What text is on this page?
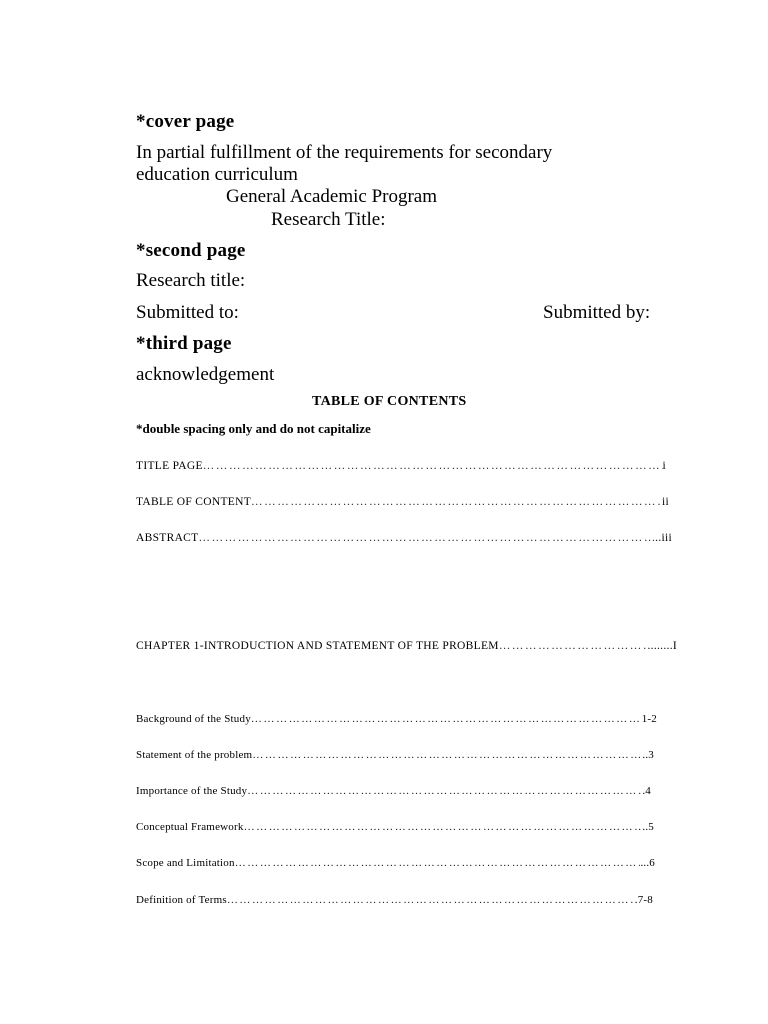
*cover page
In partial fulfillment of the requirements for secondary
education curriculum
General Academic Program
Research Title:
*second page
Research title:
Submitted to:	Submitted by:
*third page
acknowledgement
TABLE OF CONTENTS
*double spacing only and do not capitalize
TITLE PAGE ……………………………………………………………………………………………………………………………………………………………………………………………………	i
TABLE OF CONTENT ……………………………………………………………………………………………………………………………………………………………………………………………………	ii
ABSTRACT ……………………………………………………………………………………………………………………………………………………………………………………………………	..iii
CHAPTER 1-INTRODUCTION AND STATEMENT OF THE PROBLEM ……………………………………………………………………………………………………………………………………………………………………………………………………	........I
Background of the Study ……………………………………………………………………………………………………………………………………………………………………………………………………	1-2
Statement of the problem ……………………………………………………………………………………………………………………………………………………………………………………………………	..3
Importance of the Study ……………………………………………………………………………………………………………………………………………………………………………………………………	.4
Conceptual Framework ……………………………………………………………………………………………………………………………………………………………………………………………………	..5
Scope and Limitation ……………………………………………………………………………………………………………………………………………………………………………………………………	...6
Definition of Terms ……………………………………………………………………………………………………………………………………………………………………………………………………	.7-8
